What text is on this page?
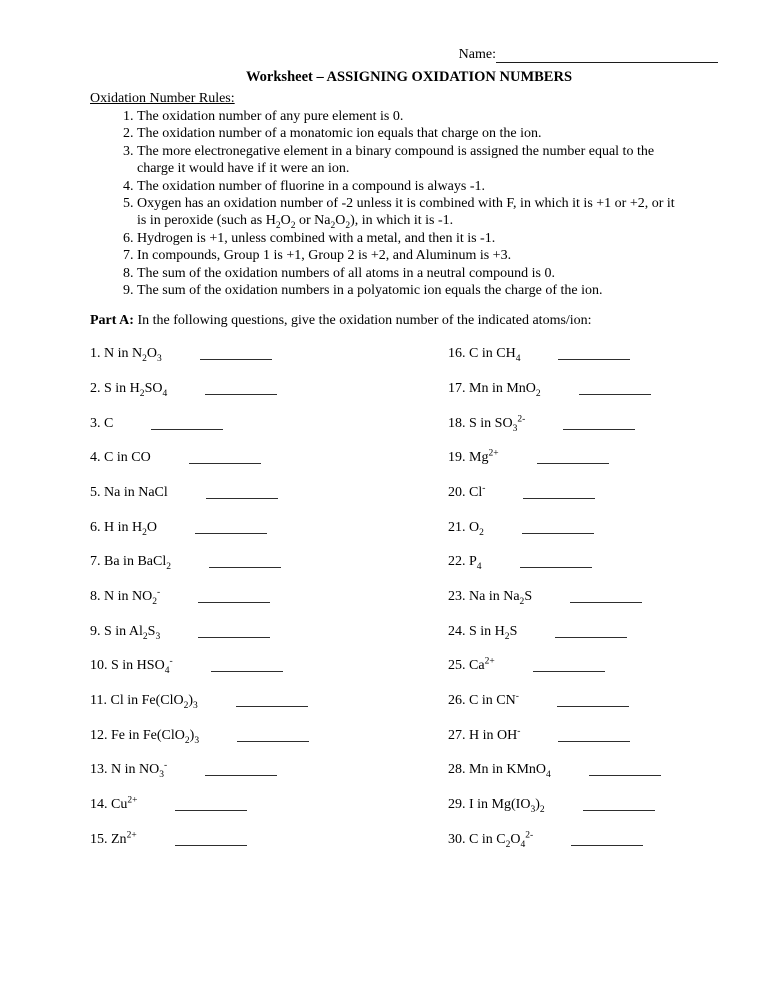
Name:
Worksheet – ASSIGNING OXIDATION NUMBERS
Oxidation Number Rules:
1. The oxidation number of any pure element is 0.
2. The oxidation number of a monatomic ion equals that charge on the ion.
3. The more electronegative element in a binary compound is assigned the number equal to the
charge it would have if it were an ion.
4. The oxidation number of fluorine in a compound is always -1.
5. Oxygen has an oxidation number of -2 unless it is combined with F, in which it is +1 or +2, or it
is in peroxide (such as $H_2O_2$ or $Na_2O_2$), in which it is -1.
6. Hydrogen is +1, unless combined with a metal, and then it is -1.
7. In compounds, Group 1 is +1, Group 2 is +2, and Aluminum is +3.
8. The sum of the oxidation numbers of all atoms in a neutral compound is 0.
9. The sum of the oxidation numbers in a polyatomic ion equals the charge of the ion.

Part A: In the following questions, give the oxidation number of the indicated atoms/ion:

1. N in $N_2O_3$
2. S in $H_2SO_4$
3. C
4. C in CO
5. Na in NaCl
6. H in $H_2O$
7. Ba in BaCl$_2$
8. N in $NO_2^-$
9. S in $Al_2S_3$
10. S in $HSO_4^-$
11. Cl in $Fe(ClO_2)_3$
12. Fe in $Fe(ClO_2)_3$
13. N in $NO_3^-$
14. $Cu^{2+}$
15. $Zn^{2+}$
16. C in $CH_4$
17. Mn in MnO$_2$
18. S in $SO_3^{2-}$
19. $Mg^{2+}$
20. Cl-
21. $O_2$
22. $P_4$
23. Na in $Na_2S$
24. S in $H_2S$
25. $Ca^{2+}$
26. C in CN-
27. H in OH-
28. Mn in KMnO$_4$
29. I in $Mg(IO_3)_2$
30. C in $C_2O_4^{2-}$
